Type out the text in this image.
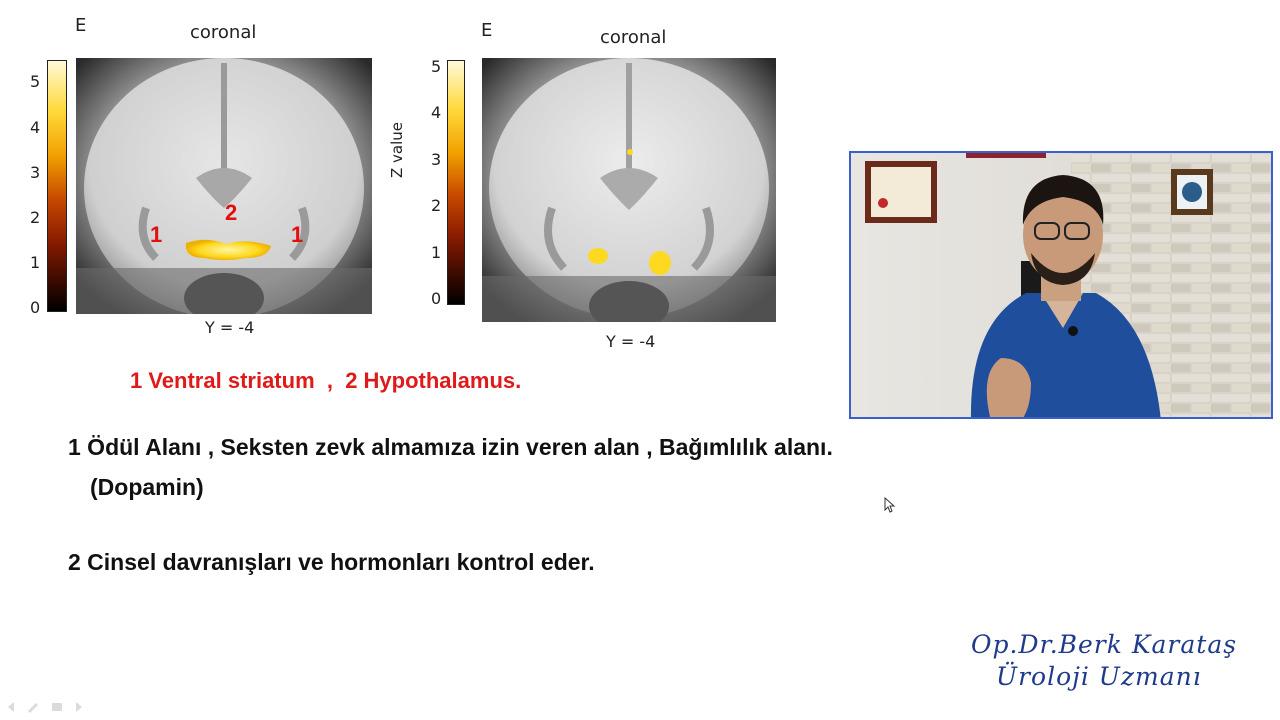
E	coronal
5
4
3
2
1
0
1
2
1
Y = -4
E	coronal
5
4
3
2
1
0
Z value
Y = -4
1 Ventral striatum  ,  2 Hypothalamus.
1 Ödül Alanı , Seksten zevk almamıza izin veren alan , Bağımlılık alanı.
(Dopamin)
2 Cinsel davranışları ve hormonları kontrol eder.
Op.Dr.Berk Karataş
Üroloji Uzmanı
